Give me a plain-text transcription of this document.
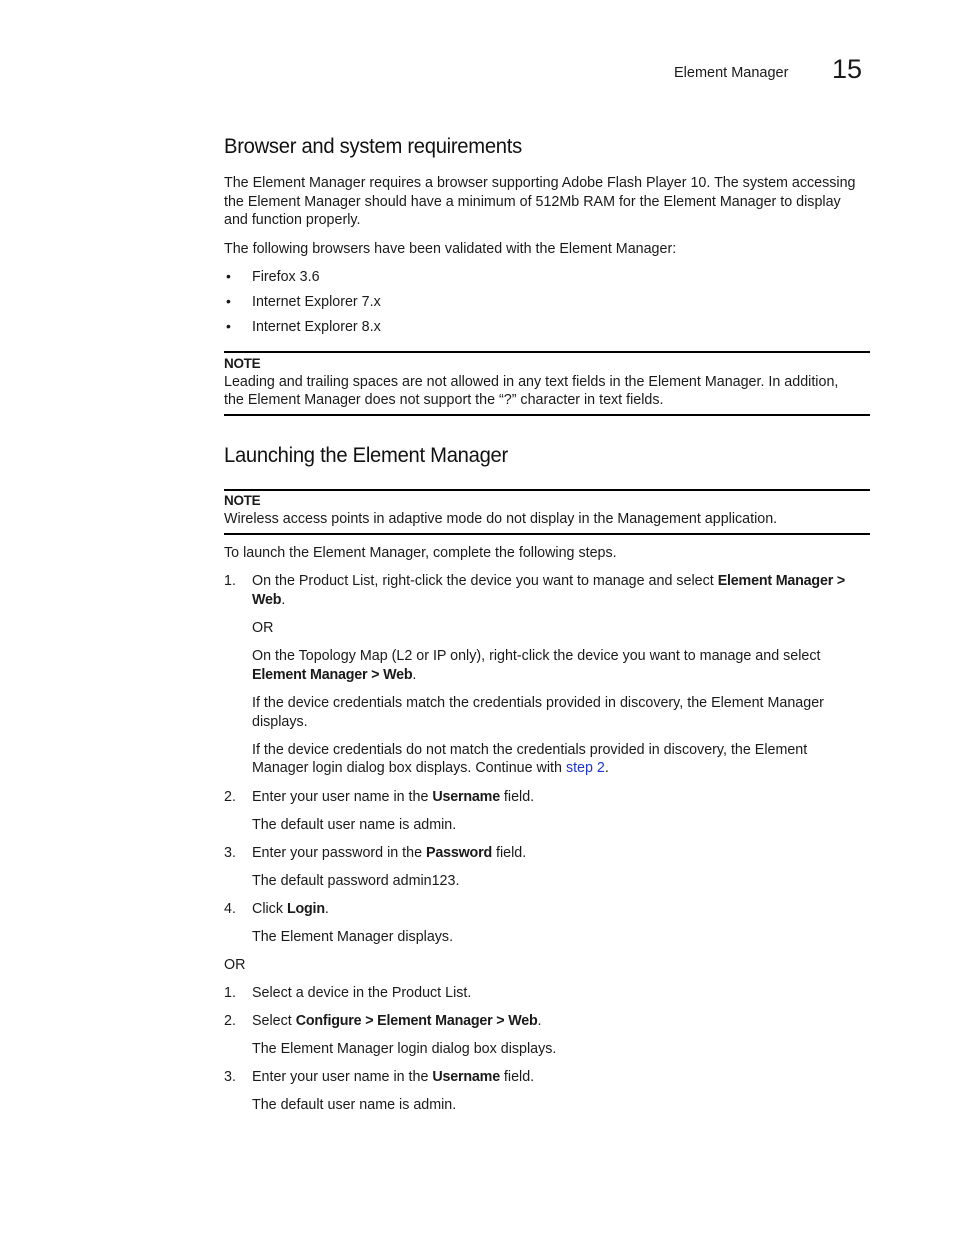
Element Manager 15
Browser and system requirements
The Element Manager requires a browser supporting Adobe Flash Player 10. The system accessing
the Element Manager should have a minimum of 512Mb RAM for the Element Manager to display
and function properly.
The following browsers have been validated with the Element Manager:
• Firefox 3.6
• Internet Explorer 7.x
• Internet Explorer 8.x
NOTE
Leading and trailing spaces are not allowed in any text fields in the Element Manager. In addition,
the Element Manager does not support the “?” character in text fields.
Launching the Element Manager
NOTE
Wireless access points in adaptive mode do not display in the Management application.
To launch the Element Manager, complete the following steps.
1. On the Product List, right-click the device you want to manage and select Element Manager >
Web.
OR
On the Topology Map (L2 or IP only), right-click the device you want to manage and select
Element Manager > Web.
If the device credentials match the credentials provided in discovery, the Element Manager
displays.
If the device credentials do not match the credentials provided in discovery, the Element
Manager login dialog box displays. Continue with step 2.
2. Enter your user name in the Username field.
The default user name is admin.
3. Enter your password in the Password field.
The default password admin123.
4. Click Login.
The Element Manager displays.
OR
1. Select a device in the Product List.
2. Select Configure > Element Manager > Web.
The Element Manager login dialog box displays.
3. Enter your user name in the Username field.
The default user name is admin.
